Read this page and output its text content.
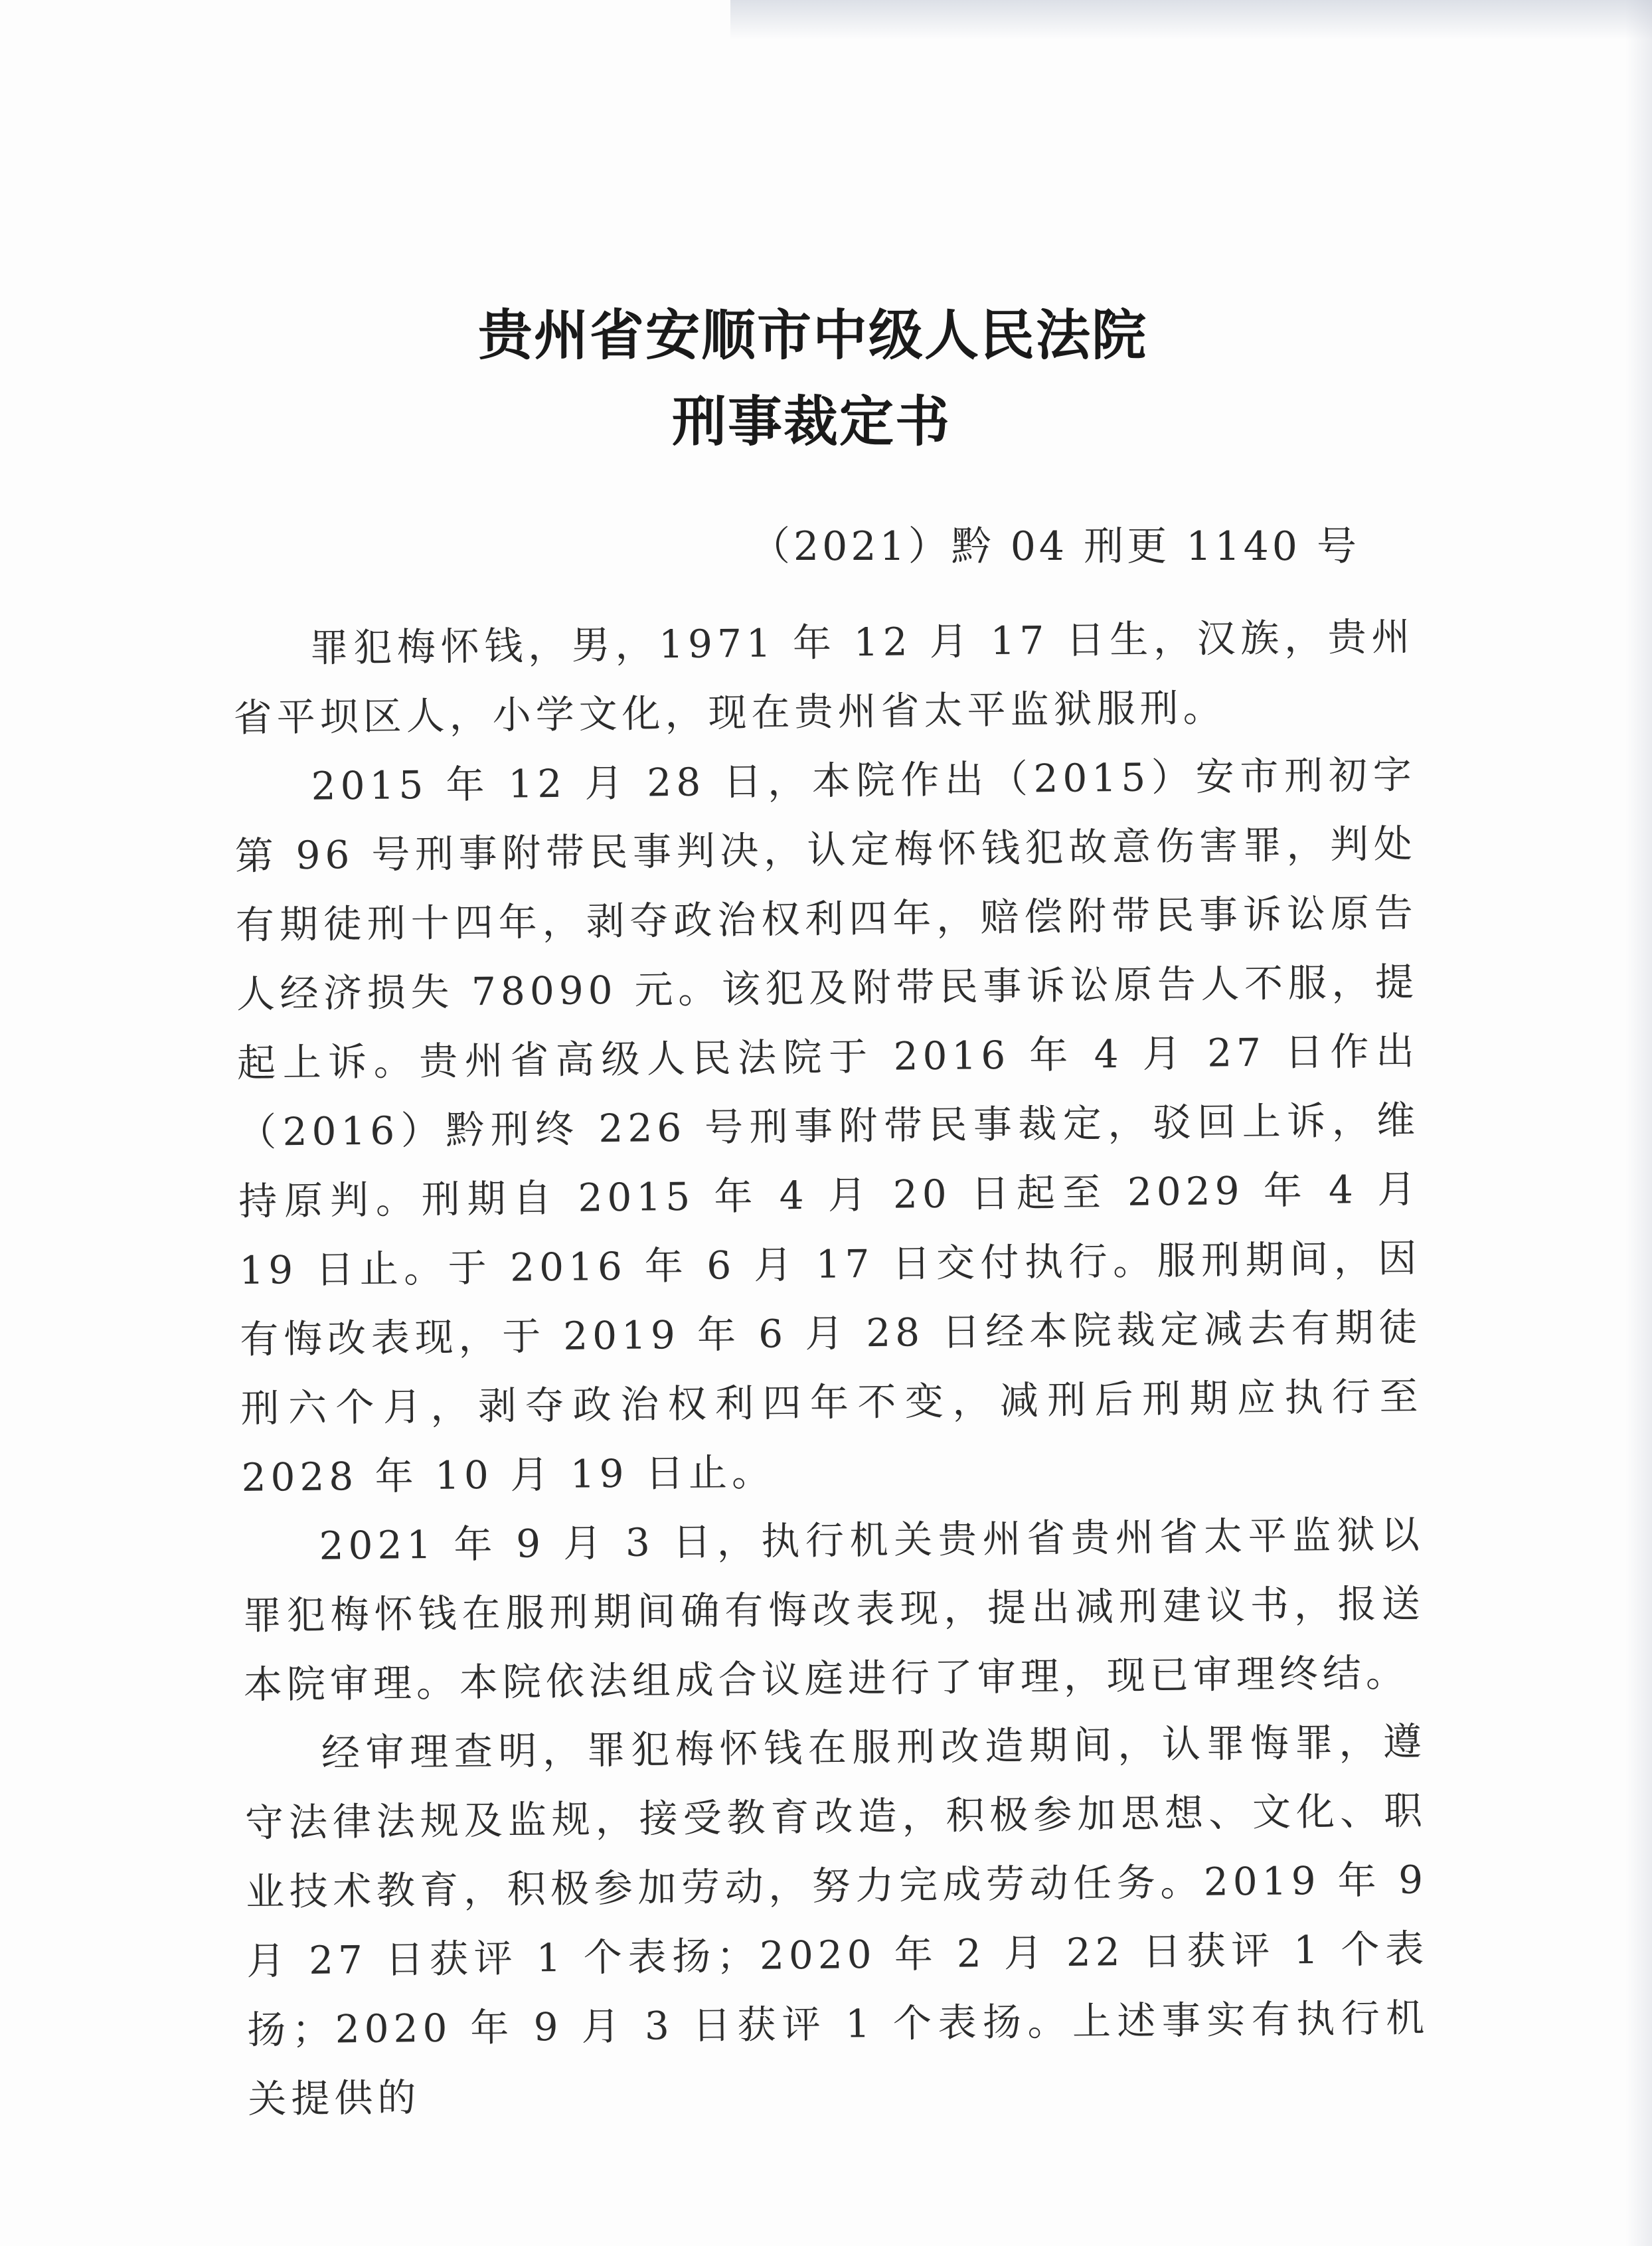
贵州省安顺市中级人民法院
刑事裁定书
（2021）黔 04 刑更 1140 号

罪犯梅怀钱，男，1971 年 12 月 17 日生，汉族，贵州省平坝区人，小学文化，现在贵州省太平监狱服刑。

2015 年 12 月 28 日，本院作出（2015）安市刑初字第 96 号刑事附带民事判决，认定梅怀钱犯故意伤害罪，判处有期徒刑十四年，剥夺政治权利四年，赔偿附带民事诉讼原告人经济损失 78090 元。该犯及附带民事诉讼原告人不服，提起上诉。贵州省高级人民法院于 2016 年 4 月 27 日作出（2016）黔刑终 226 号刑事附带民事裁定，驳回上诉，维持原判。刑期自 2015 年 4 月 20 日起至 2029 年 4 月 19 日止。于 2016 年 6 月 17 日交付执行。服刑期间，因有悔改表现，于 2019 年 6 月 28 日经本院裁定减去有期徒刑六个月，剥夺政治权利四年不变，减刑后刑期应执行至 2028 年 10 月 19 日止。

2021 年 9 月 3 日，执行机关贵州省贵州省太平监狱以罪犯梅怀钱在服刑期间确有悔改表现，提出减刑建议书，报送本院审理。本院依法组成合议庭进行了审理，现已审理终结。

经审理查明，罪犯梅怀钱在服刑改造期间，认罪悔罪，遵守法律法规及监规，接受教育改造，积极参加思想、文化、职业技术教育，积极参加劳动，努力完成劳动任务。2019 年 9 月 27 日获评 1 个表扬；2020 年 2 月 22 日获评 1 个表扬；2020 年 9 月 3 日获评 1 个表扬。上述事实有执行机关提供的
